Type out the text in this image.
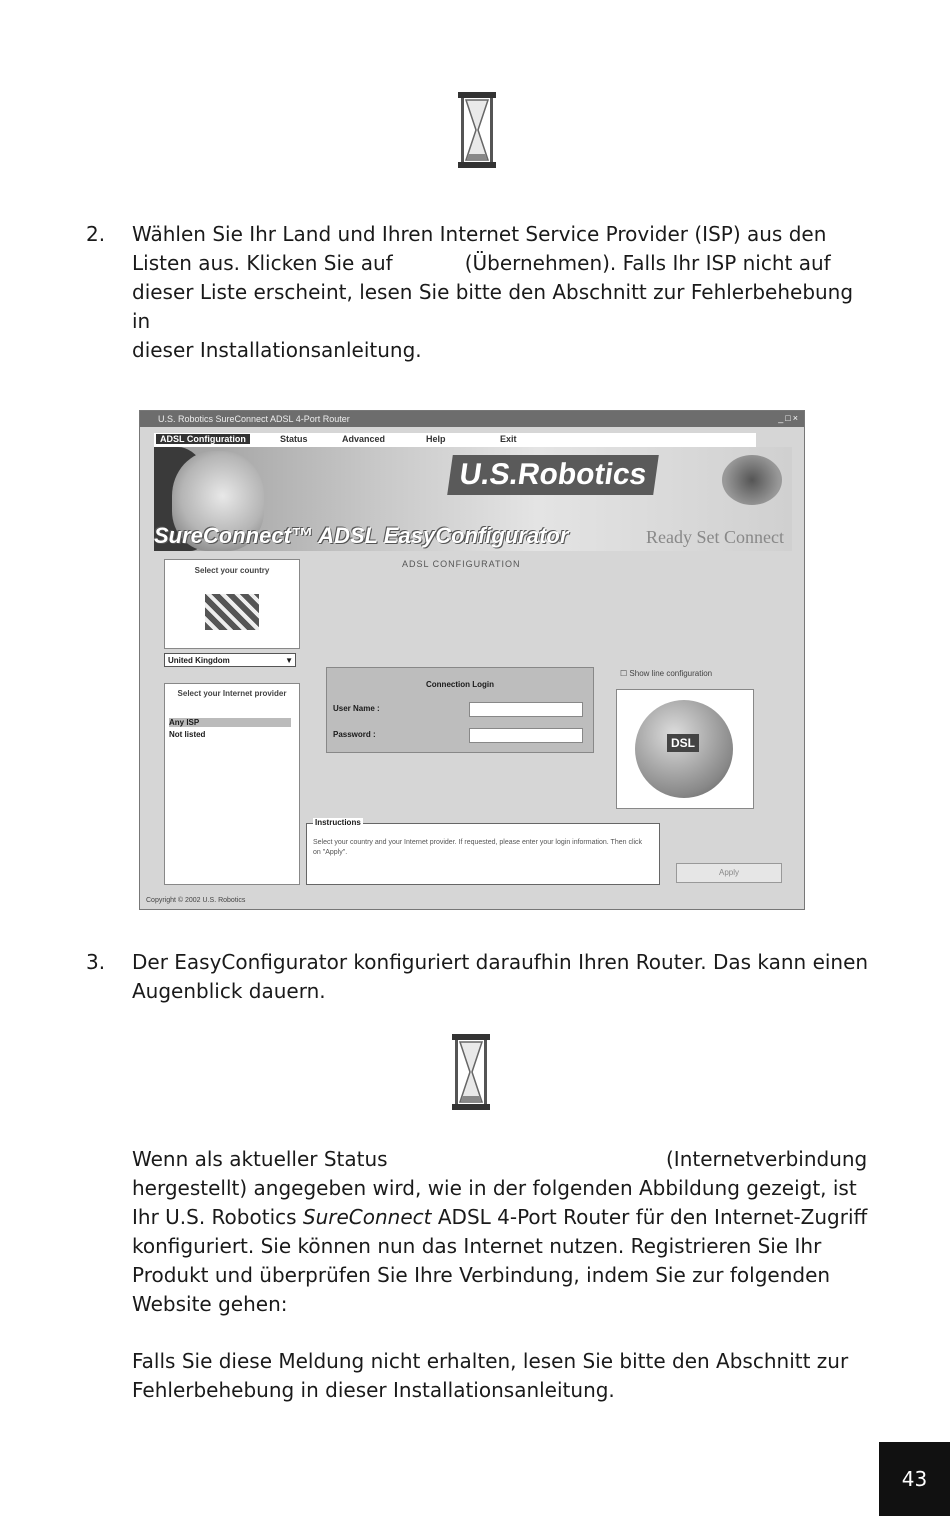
2. Wählen Sie Ihr Land und Ihren Internet Service Provider (ISP) aus den
Listen aus. Klicken Sie auf	(Übernehmen). Falls Ihr ISP nicht auf
dieser Liste erscheint, lesen Sie bitte den Abschnitt zur Fehlerbehebung in
dieser Installationsanleitung.
U.S. Robotics SureConnect ADSL 4-Port Router	_□×
ADSL Configuration	Status	Advanced	Help	Exit
U.S.Robotics
SureConnect™ ADSL EasyConfigurator	Ready Set Connect
Select your country
United Kingdom	▼
Select your Internet provider
Any ISP
Not listed
ADSL CONFIGURATION
Connection Login
User Name :
Password :
☐ Show line configuration
DSL
Instructions
Select your country and your Internet provider. If requested, please enter your login information. Then click on "Apply".
Apply
Copyright © 2002 U.S. Robotics
3. Der EasyConfigurator konfiguriert daraufhin Ihren Router. Das kann einen
Augenblick dauern.
Wenn als aktueller Status	(Internetverbindung
hergestellt) angegeben wird, wie in der folgenden Abbildung gezeigt, ist
Ihr U.S. Robotics SureConnect ADSL 4-Port Router für den Internet-Zugriff
konfiguriert. Sie können nun das Internet nutzen. Registrieren Sie Ihr
Produkt und überprüfen Sie Ihre Verbindung, indem Sie zur folgenden
Website gehen:
Falls Sie diese Meldung nicht erhalten, lesen Sie bitte den Abschnitt zur
Fehlerbehebung in dieser Installationsanleitung.
43
